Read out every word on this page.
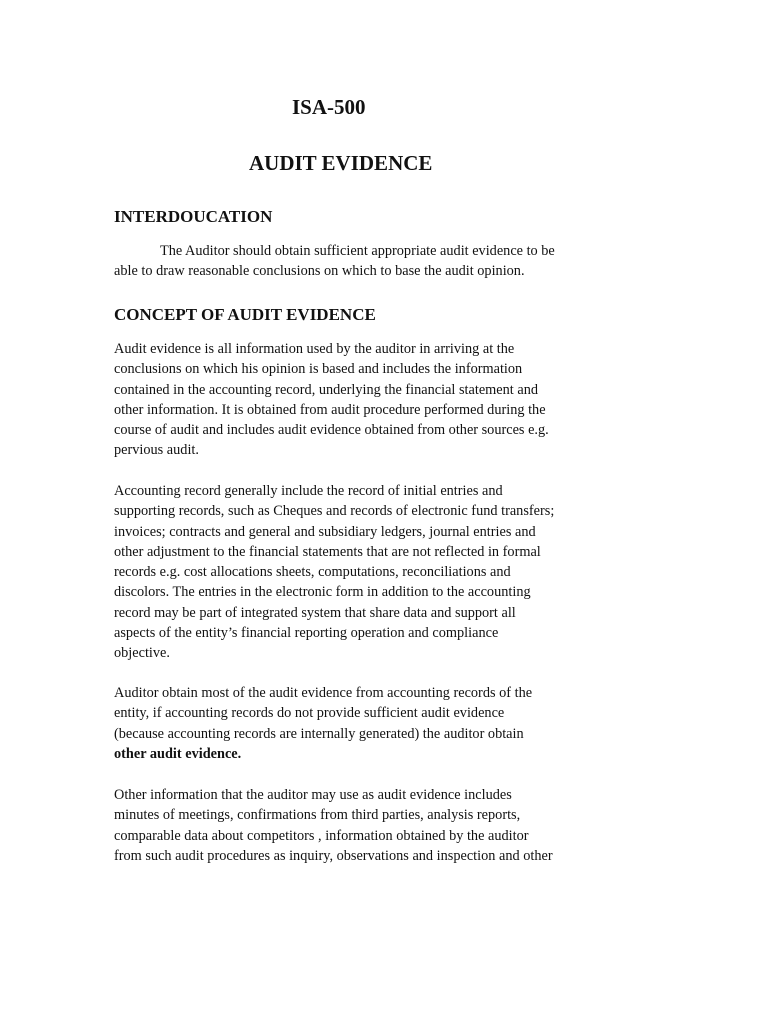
ISA-500
AUDIT EVIDENCE
INTERDOUCATION

The Auditor should obtain sufficient appropriate audit evidence to be
able to draw reasonable conclusions on which to base the audit opinion.

CONCEPT OF AUDIT EVIDENCE

Audit evidence is all information used by the auditor in arriving at the
conclusions on which his opinion is based and includes the information
contained in the accounting record, underlying the financial statement and
other information. It is obtained from audit procedure performed during the
course of audit and includes audit evidence obtained from other sources e.g.
pervious audit.

Accounting record generally include the record of initial entries and
supporting records, such as Cheques and records of electronic fund transfers;
invoices; contracts and general and subsidiary ledgers, journal entries and
other adjustment to the financial statements that are not reflected in formal
records e.g. cost allocations sheets, computations, reconciliations and
discolors. The entries in the electronic form in addition to the accounting
record may be part of integrated system that share data and support all
aspects of the entity’s financial reporting operation and compliance
objective.

Auditor obtain most of the audit evidence from accounting records of the
entity, if accounting records do not provide sufficient audit evidence
(because accounting records are internally generated) the auditor obtain
other audit evidence.

Other information that the auditor may use as audit evidence includes
minutes of meetings, confirmations from third parties, analysis reports,
comparable data about competitors , information obtained by the auditor
from such audit procedures as inquiry, observations and inspection and other
